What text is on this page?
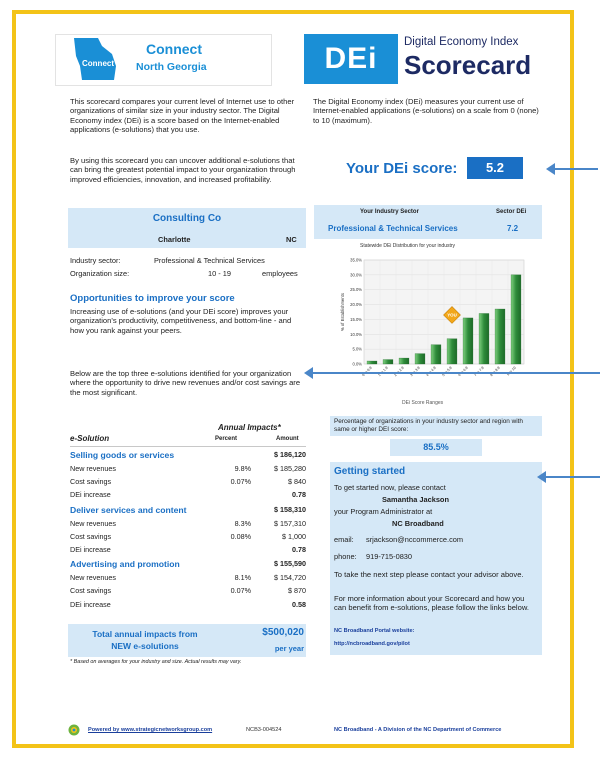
Connect
Connect
North Georgia	DEi	Digital Economy Index
Scorecard
This scorecard compares your current level of Internet use to other organizations of similar size in your industry sector. The Digital Economy index (DEi) is a score based on the Internet-enabled applications (e-solutions) that you use.
By using this scorecard you can uncover additional e-solutions that can bring the greatest potential impact to your organization through improved efficiencies, innovation, and increased profitability.
The Digital Economy index (DEi) measures your current use of Internet-enabled applications (e-solutions) on a scale from 0 (none) to 10 (maximum).
Your DEi score:	5.2
Consulting Co
Charlotte	NC
Industry sector:	Professional & Technical Services
Organization size:	10 - 19	employees
Your Industry Sector	Sector DEi
Professional & Technical Services	7.2
Statewide DEi Distribution for your industry
0.0%
5.0%
10.0%
15.0%
20.0%
25.0%
30.0%
35.0%
% of Establishments	YOU
DEi Score Ranges
Opportunities to improve your score
Increasing use of e-solutions (and your DEi score) improves your organization's productivity, competitiveness, and bottom-line - and how you rank against your peers.
Below are the top three e-solutions identified for your organization where the opportunity to drive new revenues and/or cost savings are the most significant.
Annual Impacts*
e-Solution	Percent	Amount
Selling goods or services	$ 186,120
New revenues	9.8%	$ 185,280
Cost savings	0.07%	$ 840
DEi increase	0.78
Deliver services and content	$ 158,310
New revenues	8.3%	$ 157,310
Cost savings	0.08%	$ 1,000
DEi increase	0.78
Advertising and promotion	$ 155,590
New revenues	8.1%	$ 154,720
Cost savings	0.07%	$ 870
DEi increase	0.58
Total annual impacts from
NEW e-solutions
$500,020
per year
* Based on averages for your industry and size. Actual results may vary.
Percentage of organizations in your industry sector and region with same or higher DEI score:
85.5%
Getting started
To get started now, please contact
Samantha Jackson
your Program Administrator at
NC Broadband
email: srjackson@nccommerce.com
phone: 919-715-0830
To take the next step please contact your advisor above.
For more information about your Scorecard and how you can benefit from e-solutions, please follow the links below.
NC Broadband Portal website:
http://ncbroadband.gov/pilot
Powered by www.strategicnetworksgroup.com	NCB3-004524	NC Broadband - A Division of the NC Department of Commerce
